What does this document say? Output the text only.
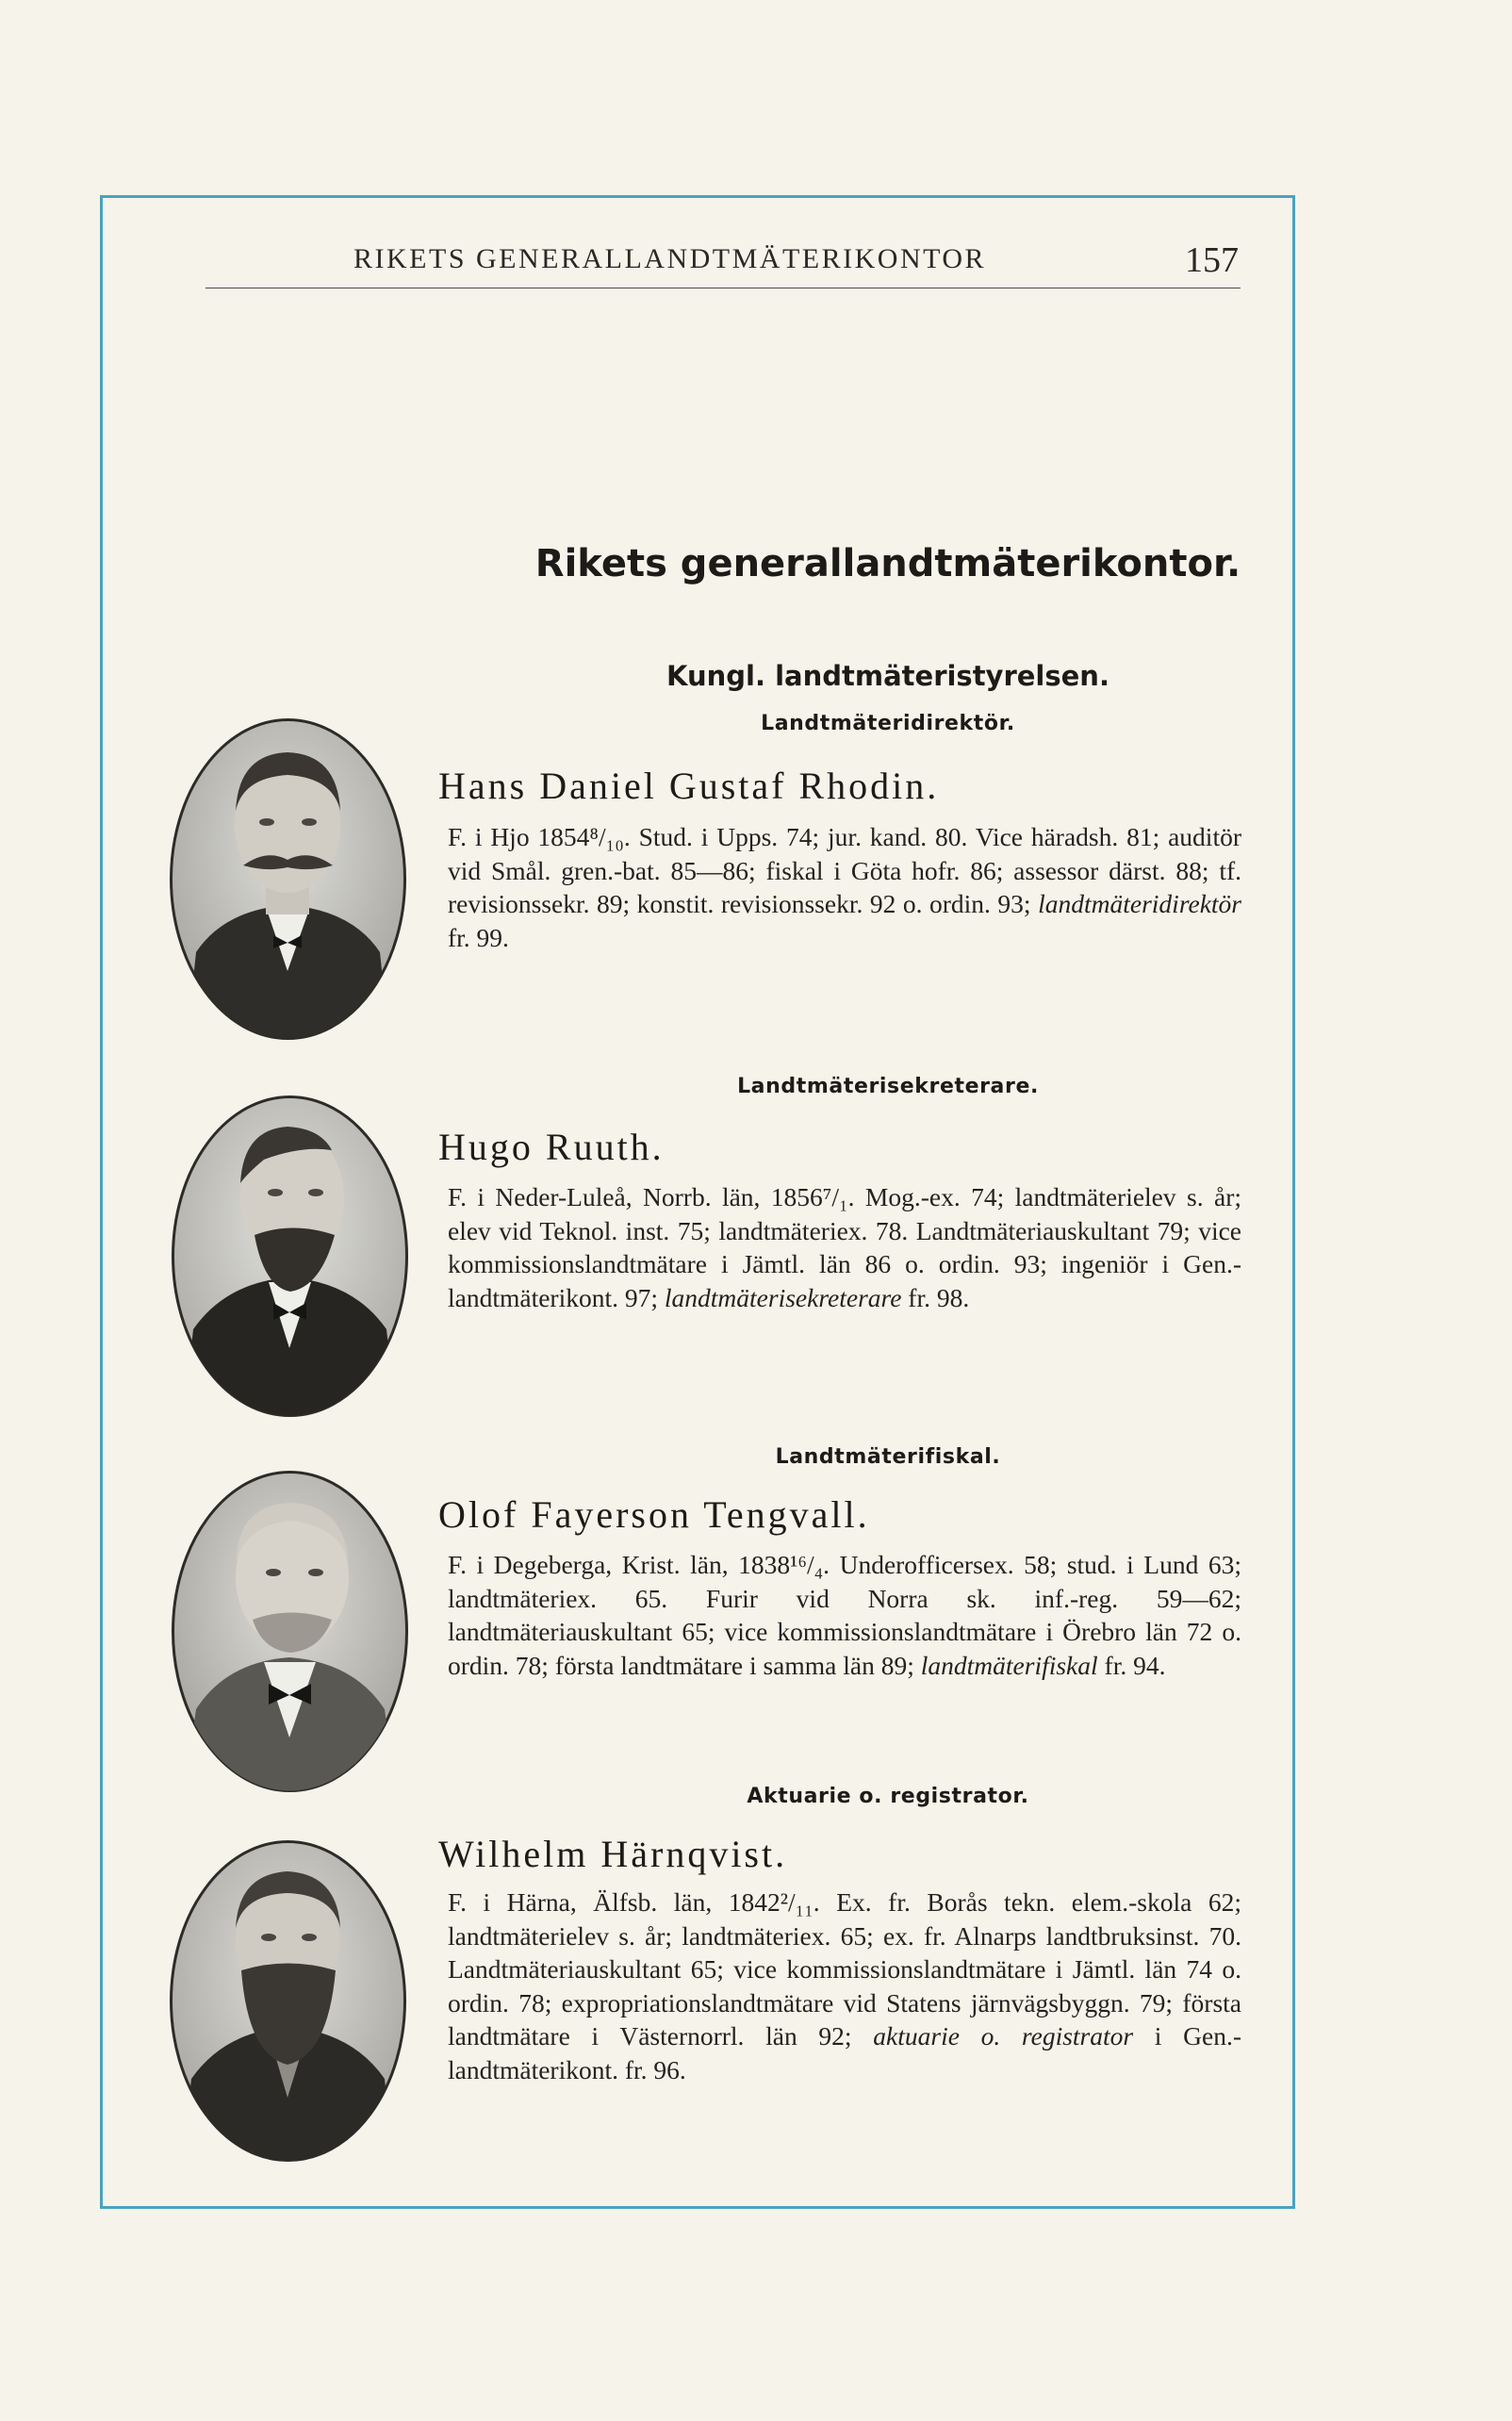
RIKETS GENERALLANDTMÄTERIKONTOR	157
Rikets generallandtmäterikontor.
Kungl. landtmäteristyrelsen.
Landtmäteridirektör.
Hans Daniel Gustaf Rhodin.
F. i Hjo 1854⁸/₁₀. Stud. i Upps. 74; jur. kand. 80. Vice häradsh. 81; auditör vid Smål. gren.-bat. 85—86; fiskal i Göta hofr. 86; assessor därst. 88; tf. revisionssekr. 89; konstit. revisionssekr. 92 o. ordin. 93; landtmäteridirektör fr. 99.
Landtmäterisekreterare.
Hugo Ruuth.
F. i Neder-Luleå, Norrb. län, 1856⁷/₁. Mog.-ex. 74; landtmäterielev s. år; elev vid Teknol. inst. 75; landtmäteriex. 78. Landtmäteriauskultant 79; vice kommissionslandtmätare i Jämtl. län 86 o. ordin. 93; ingeniör i Gen.-landtmäterikont. 97; landtmäterisekreterare fr. 98.
Landtmäterifiskal.
Olof Fayerson Tengvall.
F. i Degeberga, Krist. län, 1838¹⁶/₄. Underofficersex. 58; stud. i Lund 63; landtmäteriex. 65. Furir vid Norra sk. inf.-reg. 59—62; landtmäteriauskultant 65; vice kommissionslandtmätare i Örebro län 72 o. ordin. 78; första landtmätare i samma län 89; landtmäterifiskal fr. 94.
Aktuarie o. registrator.
Wilhelm Härnqvist.
F. i Härna, Älfsb. län, 1842²/₁₁. Ex. fr. Borås tekn. elem.-skola 62; landtmäterielev s. år; landtmäteriex. 65; ex. fr. Alnarps landtbruksinst. 70. Landtmäteriauskultant 65; vice kommissionslandtmätare i Jämtl. län 74 o. ordin. 78; expropriationslandtmätare vid Statens järnvägsbyggn. 79; första landtmätare i Västernorrl. län 92; aktuarie o. registrator i Gen.-landtmäterikont. fr. 96.
